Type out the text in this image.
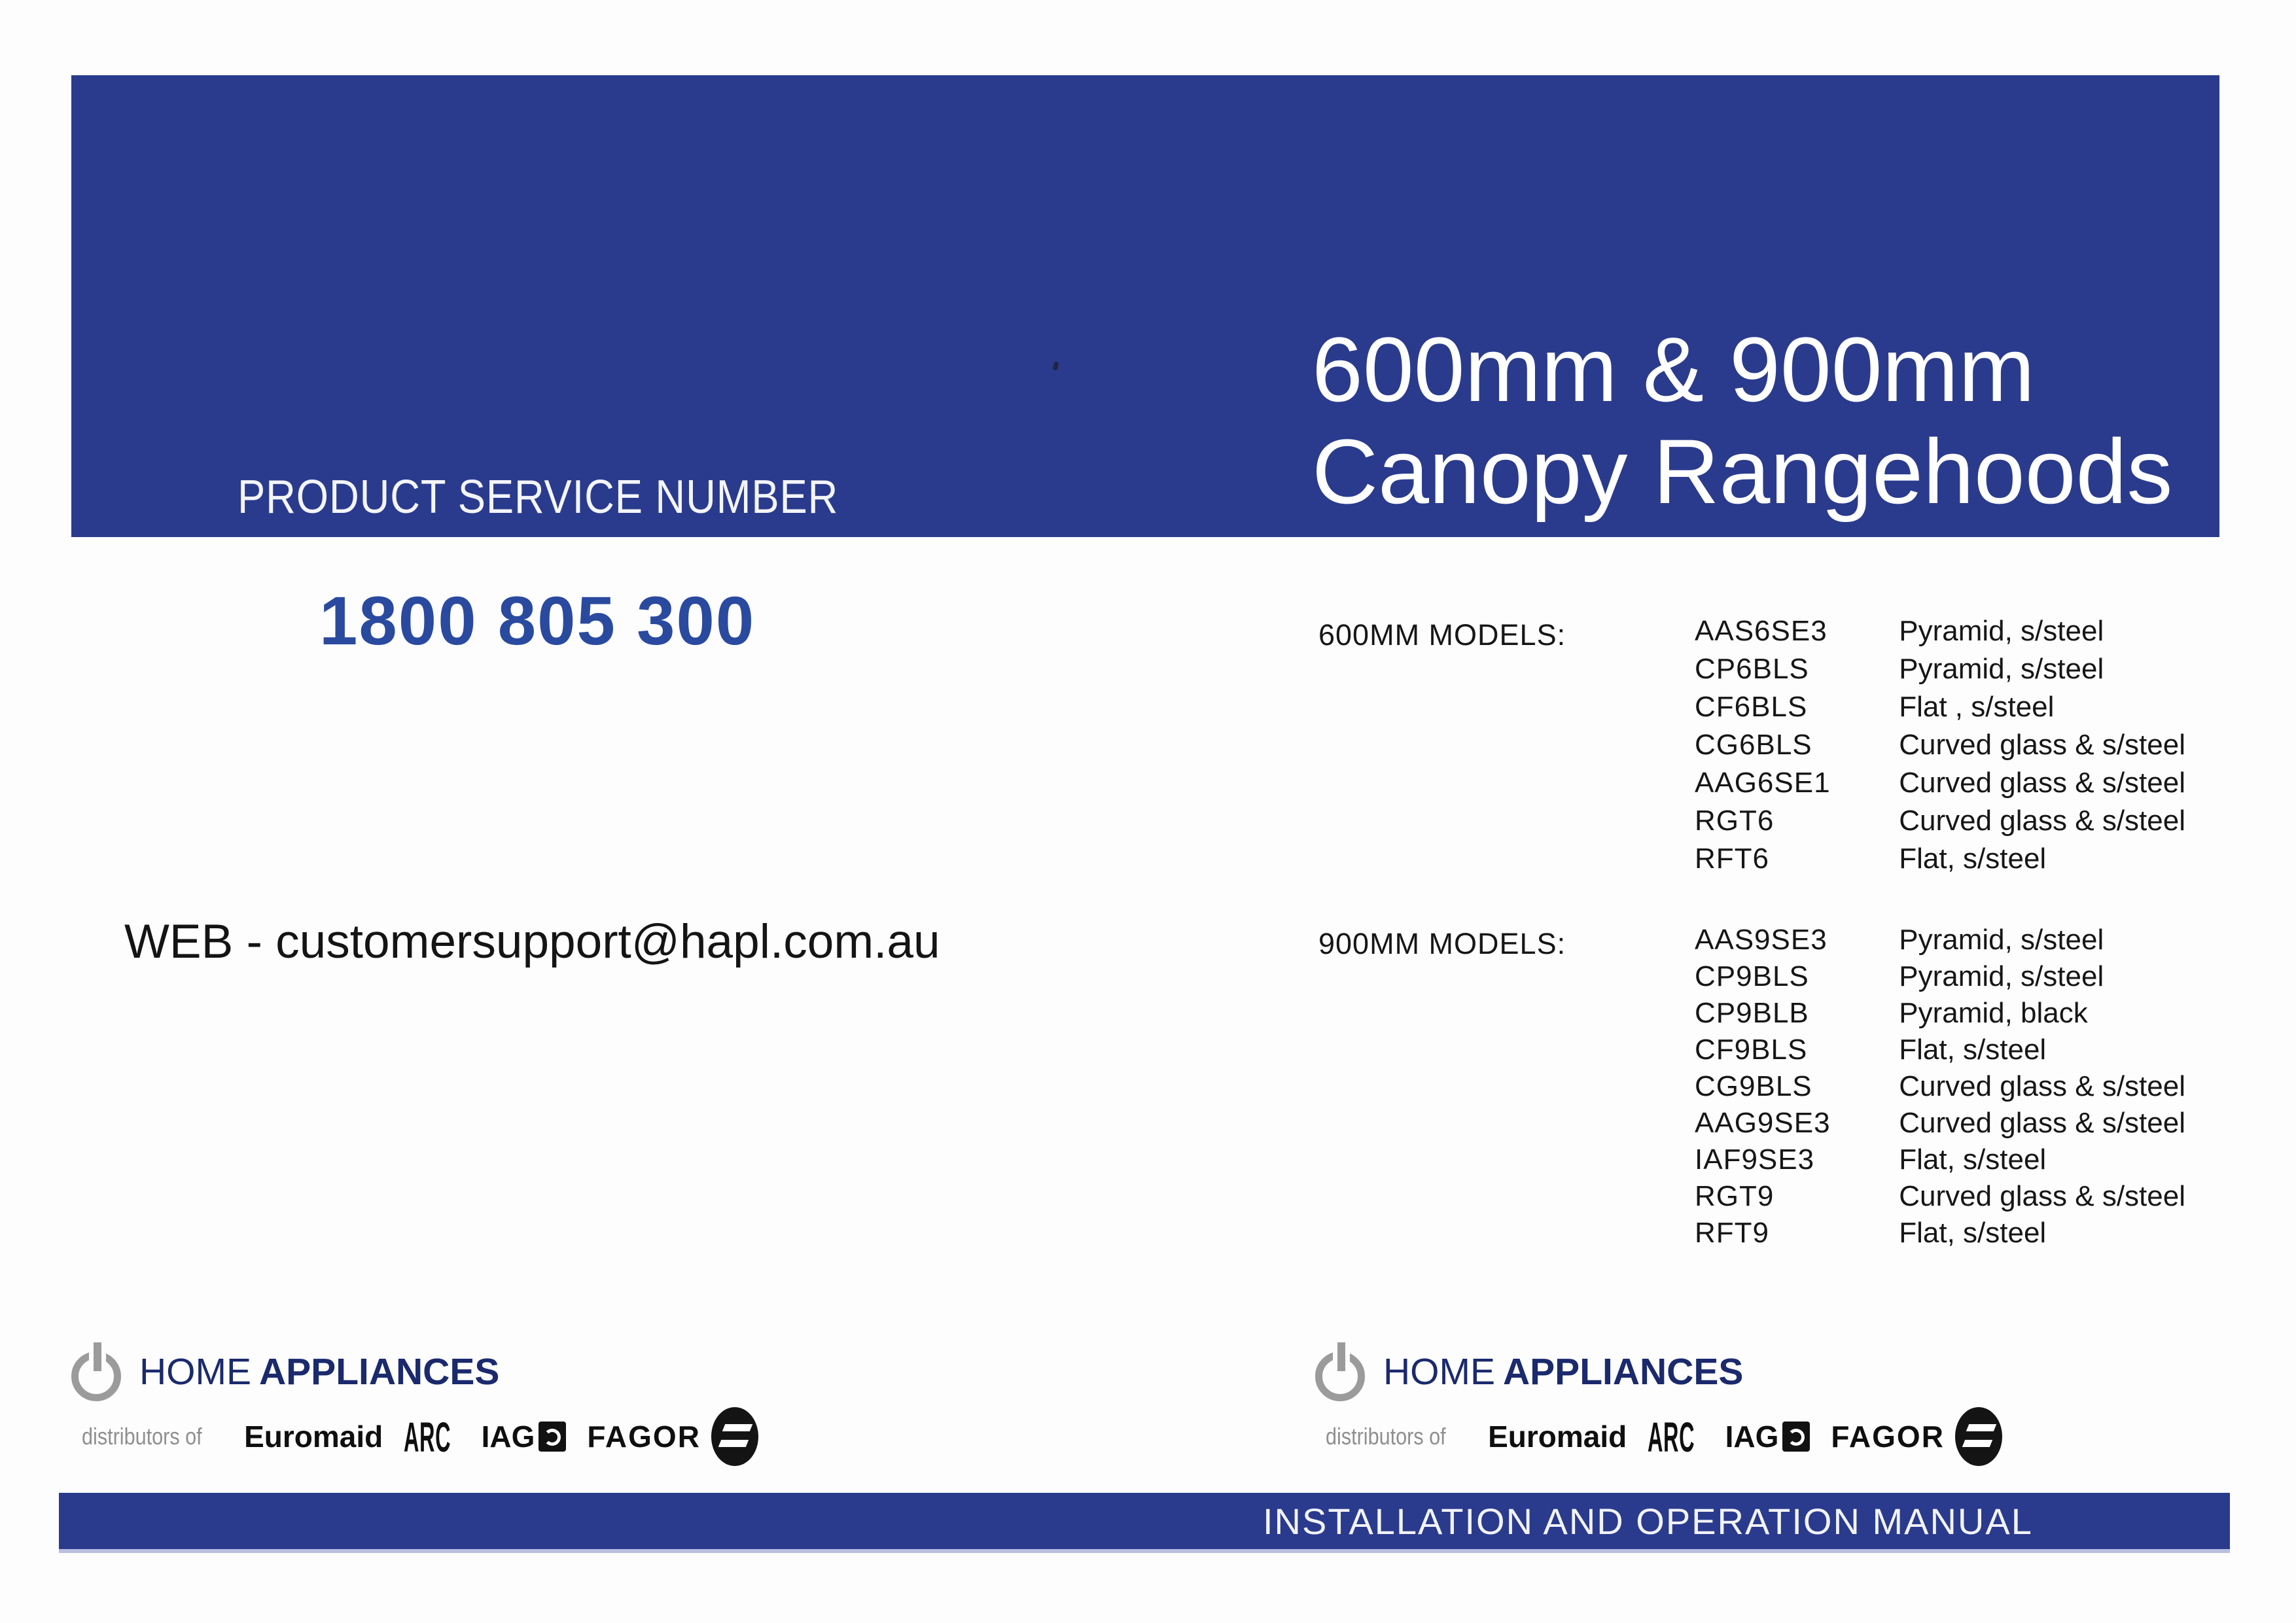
PRODUCT SERVICE NUMBER
600mm & 900mm
Canopy Rangehoods
1800 805 300
WEB - customersupport@hapl.com.au
600MM MODELS:	AAS6SE3 Pyramid, s/steel
CP6BLS	Pyramid, s/steel
CF6BLS	Flat , s/steel
CG6BLS	Curved glass & s/steel
AAG6SE1 Curved glass & s/steel
RGT6	Curved glass & s/steel
RFT6	Flat, s/steel
900MM MODELS:	AAS9SE3 Pyramid, s/steel
CP9BLS	Pyramid, s/steel
CP9BLB	Pyramid, black
CF9BLS	Flat, s/steel
CG9BLS	Curved glass & s/steel
AAG9SE3 Curved glass & s/steel
IAF9SE3	Flat, s/steel
RGT9	Curved glass & s/steel
RFT9	Flat, s/steel
HOME APPLIANCES
distributors of Euromaid ARC IAG FAGOR
HOME APPLIANCES
distributors of Euromaid ARC IAG FAGOR
INSTALLATION AND OPERATION MANUAL
